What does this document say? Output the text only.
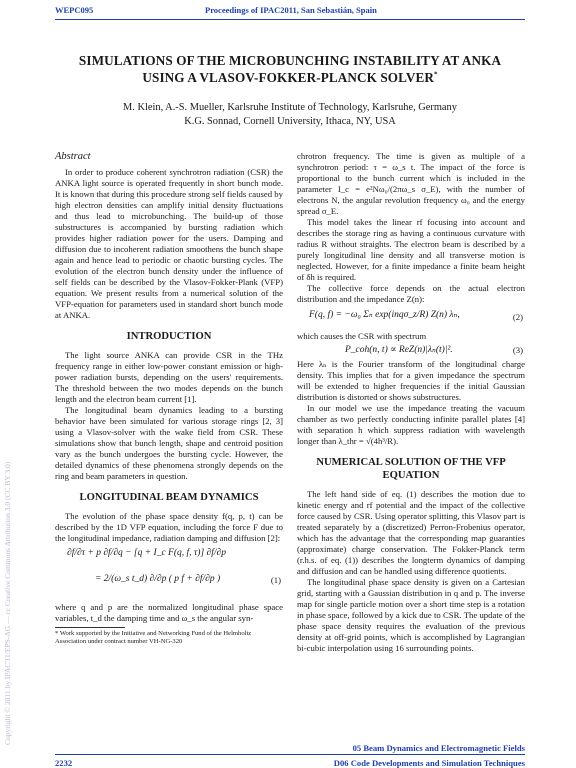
WEPC095	Proceedings of IPAC2011, San Sebastián, Spain
SIMULATIONS OF THE MICROBUNCHING INSTABILITY AT ANKA
USING A VLASOV-FOKKER-PLANCK SOLVER*
M. Klein, A.-S. Mueller, Karlsruhe Institute of Technology, Karlsruhe, Germany
K.G. Sonnad, Cornell University, Ithaca, NY, USA
Abstract

In order to produce coherent synchrotron radiation (CSR) the ANKA light source is operated frequently in short bunch mode. It is known that during this procedure strong self fields caused by high electron densities can amplify initial density fluctuations and thus lead to microbunching. The build-up of those substructures is accompanied by bursting radiation which provides higher radiation power for the users. Damping and diffusion due to incoherent radiation smoothens the bunch shape again and hence lead to periodic or chaotic bursting cycles. The evolution of the electron bunch density under the influence of self fields can be described by the Vlasov-Fokker-Plank (VFP) equation. We present results from a numerical solution of the VFP-equation for parameters used in standard short bunch mode at ANKA.

INTRODUCTION

The light source ANKA can provide CSR in the THz frequency range in either low-power constant emission or high-power radiation bursts, depending on the users' requirements. The threshold between the two modes depends on the bunch length and the electron beam current [1].

The longitudinal beam dynamics leading to a bursting behavior have been simulated for various storage rings [2, 3] using a Vlasov-solver with the wake field from CSR. These simulations show that bunch length, shape and centroid position vary as the bunch undergoes the bursting cycle. However, the detailed dynamics of these phenomena strongly depends on the ring and beam parameters in question.

LONGITUDINAL BEAM DYNAMICS

The evolution of the phase space density f(q, p, t) can be described by the 1D VFP equation, including the force F due to the longitudinal impedance, radiation damping and diffusion [2]:

∂f/∂τ + p ∂f/∂q − [q + I_c F(q, f, τ)] ∂f/∂p
= 2/(ω_s t_d) ∂/∂p ( p f + ∂f/∂p )	(1)

where q and p are the normalized longitudinal phase space variables, t_d the damping time and ω_s the angular syn-

* Work supported by the Initiative and Networking Fund of the Helmholtz Association under contract number VH-NG-320

chrotron frequency. The time is given as multiple of a synchrotron period: τ = ω_s t. The impact of the force is proportional to the bunch current which is included in the parameter I_c = e²Nω₀/(2πω_s σ_E), with the number of electrons N, the angular revolution frequency ω₀ and the energy spread σ_E.

This model takes the linear rf focusing into account and describes the storage ring as having a continuous curvature with radius R without straights. The electron beam is described by a purely longitudinal line density and all transverse motion is neglected. However, for a finite impedance a finite beam height of δh is required.

The collective force depends on the actual electron distribution and the impedance Z(n):

F(q, f) = −ω₀ Σₙ exp(inqσ_z/R) Z(n) λₙ,	(2)

which causes the CSR with spectrum

P_coh(n, t) ∝ ReZ(n)|λₙ(t)|².	(3)

Here λₙ is the Fourier transform of the longitudinal charge density. This implies that for a given impedance the spectrum will be extended to higher frequencies if the initial Gaussian distribution is distorted or shows substructures.

In our model we use the impedance treating the vacuum chamber as two perfectly conducting infinite parallel plates [4] with separation h which suppress radiation with wavelength longer than λ_thr = √(4h³/R).

NUMERICAL SOLUTION OF THE VFP
EQUATION

The left hand side of eq. (1) describes the motion due to kinetic energy and rf potential and the impact of the collective force caused by CSR. Using operator splitting, this Vlasov part is treated separately by a (discretized) Perron-Frobenius operator, which has the advantage that the corresponding map guaranties (approximate) charge conservation. The Fokker-Planck term (r.h.s. of eq. (1)) describes the longterm dynamics of damping and diffusion and can be handled using difference quotients.

The longitudinal phase space density is given on a Cartesian grid, starting with a Gaussian distribution in q and p. The inverse map for single particle motion over a short time step is a rotation in phase space, followed by a kick due to CSR. The update of the phase space density requires the evaluation of the previous density at off-grid points, which is accomplished by Lagrangian bi-cubic interpolation using 16 surrounding points.

Copyright © 2011 by IPAC'11/EPS-AG — cc Creative Commons Attribution 3.0 (CC BY 3.0)
05 Beam Dynamics and Electromagnetic Fields
2232	D06 Code Developments and Simulation Techniques
